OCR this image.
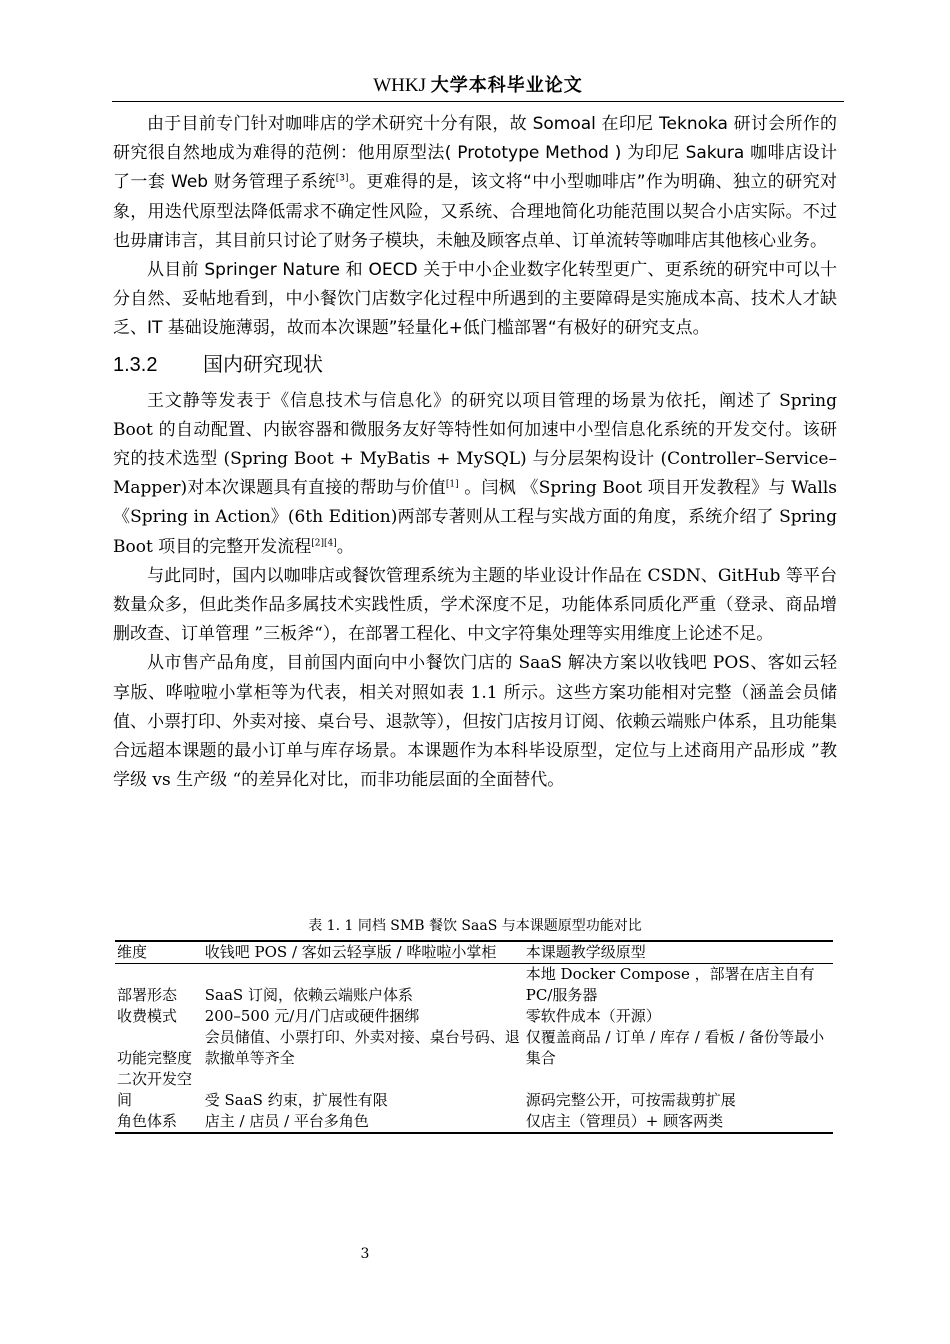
WHKJ 大学本科毕业论文

由于目前专门针对咖啡店的学术研究十分有限，故 Somoal 在印尼 Teknoka 研讨会所作的研究很自然地成为难得的范例：他用原型法( Prototype Method ) 为印尼 Sakura 咖啡店设计了一套 Web 财务管理子系统[3]。更难得的是，该文将“中小型咖啡店”作为明确、独立的研究对象，用迭代原型法降低需求不确定性风险，又系统、合理地简化功能范围以契合小店实际。不过也毋庸讳言，其目前只讨论了财务子模块，未触及顾客点单、订单流转等咖啡店其他核心业务。

从目前 Springer Nature 和 OECD 关于中小企业数字化转型更广、更系统的研究中可以十分自然、妥帖地看到，中小餐饮门店数字化过程中所遇到的主要障碍是实施成本高、技术人才缺乏、IT 基础设施薄弱，故而本次课题”轻量化+低门槛部署“有极好的研究支点。

1.3.2 国内研究现状

王文静等发表于《信息技术与信息化》的研究以项目管理的场景为依托，阐述了 Spring Boot 的自动配置、内嵌容器和微服务友好等特性如何加速中小型信息化系统的开发交付。该研究的技术选型 (Spring Boot + MyBatis + MySQL) 与分层架构设计 (Controller–Service–Mapper)对本次课题具有直接的帮助与价值[1] 。闫枫 《Spring Boot 项目开发教程》与 Walls《Spring in Action》(6th Edition)两部专著则从工程与实战方面的角度，系统介绍了 Spring Boot 项目的完整开发流程[2][4]。

与此同时，国内以咖啡店或餐饮管理系统为主题的毕业设计作品在 CSDN、GitHub 等平台数量众多，但此类作品多属技术实践性质，学术深度不足，功能体系同质化严重（登录、商品增删改查、订单管理 ”三板斧“），在部署工程化、中文字符集处理等实用维度上论述不足。

从市售产品角度，目前国内面向中小餐饮门店的 SaaS 解决方案以收钱吧 POS、客如云轻享版、哗啦啦小掌柜等为代表，相关对照如表 1.1 所示。这些方案功能相对完整（涵盖会员储值、小票打印、外卖对接、桌台号、退款等），但按门店按月订阅、依赖云端账户体系，且功能集合远超本课题的最小订单与库存场景。本课题作为本科毕设原型，定位与上述商用产品形成 ”教学级 vs 生产级 “的差异化对比，而非功能层面的全面替代。

表 1. 1 同档 SMB 餐饮 SaaS 与本课题原型功能对比
维度	收钱吧 POS / 客如云轻享版 / 哗啦啦小掌柜	本课题教学级原型
部署形态	SaaS 订阅，依赖云端账户体系	本地 Docker Compose ，部署在店主自有 PC/服务器
收费模式	200–500 元/月/门店或硬件捆绑	零软件成本（开源）
功能完整度	会员储值、小票打印、外卖对接、桌台号码、退款撤单等齐全	仅覆盖商品 / 订单 / 库存 / 看板 / 备份等最小集合
二次开发空间	受 SaaS 约束，扩展性有限	源码完整公开，可按需裁剪扩展
角色体系	店主 / 店员 / 平台多角色	仅店主（管理员）+ 顾客两类
3
